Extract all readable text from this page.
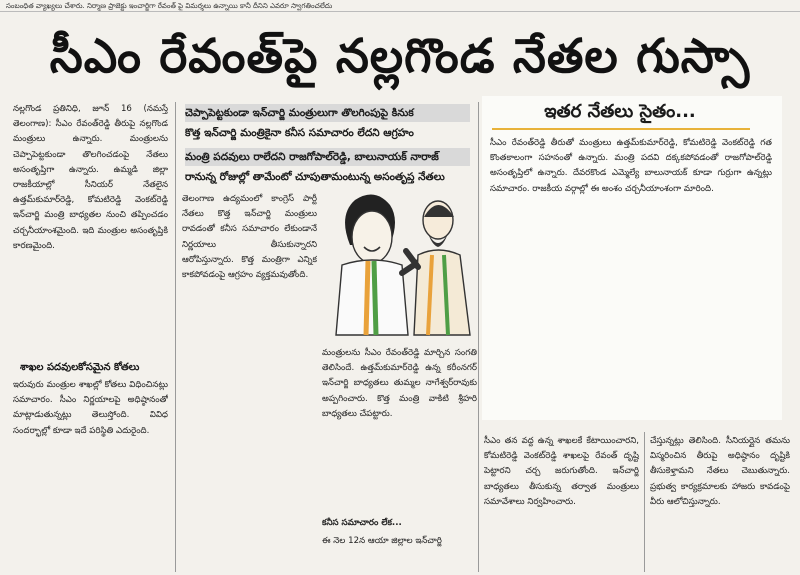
సంబంధిత వ్యాఖ్యలు చేశారు. నిర్మాణ ప్రాజెక్టు ఇంచార్జిగా రేవంత్ పై విమర్శలు ఉన్నాయి కానీ దీనిని ఎవరూ స్వాగతించలేదు
సీఎం రేవంత్‌పై నల్లగొండ నేతల గుస్సా
నల్లగొండ ప్రతినిధి, జూన్ 16 (నమస్తే తెలంగాణ): సీఎం రేవంత్‌రెడ్డి తీరుపై నల్లగొండ మంత్రులు ఉన్నారు.	మంత్రులను చెప్పాపెట్టకుండా తొలగించడంపై నేతలు అసంతృప్తిగా ఉన్నారు. ఉమ్మడి జిల్లా రాజకీయాల్లో సీనియర్ నేతలైన ఉత్తమ్‌కుమార్‌రెడ్డి, కోమటిరెడ్డి వెంకట్‌రెడ్డి ఇన్‌చార్జి మంత్రి బాధ్యతల నుంచి తప్పించడం చర్చనీయాంశమైంది. ఇది మంత్రుల అసంతృప్తికి కారణమైంది.
శాఖల పదవులకోసమైన కోతలు
ఇరువురు మంత్రుల శాఖల్లో కోతలు విధించినట్లు సమాచారం. సీఎం నిర్ణయాలపై అధిష్ఠానంతో మాట్లాడుతున్నట్లు తెలుస్తోంది. వివిధ సందర్భాల్లో కూడా ఇదే పరిస్థితి ఎదురైంది.
చెప్పాపెట్టకుండా ఇన్‌చార్జి మంత్రులుగా తొలగింపుపై కినుక
కొత్త ఇన్‌చార్జి మంత్రికైనా కనీస సమాచారం లేదని ఆగ్రహం
మంత్రి పదవులు రాలేదని రాజగోపాల్‌రెడ్డి, బాలునాయక్ నారాజ్
రానున్న రోజుల్లో తామేంటో చూపుతామంటున్న అసంతృప్త నేతలు
తెలంగాణ ఉద్యమంలో కాంగ్రెస్ పార్టీ నేతలు కొత్త ఇన్‌చార్జి మంత్రులు రావడంతో కనీస సమాచారం లేకుండానే నిర్ణయాలు తీసుకున్నారని ఆరోపిస్తున్నారు. కొత్త మంత్రిగా ఎన్నిక కాకపోవడంపై ఆగ్రహం వ్యక్తమవుతోంది.
మంత్రులను సీఎం రేవంత్‌రెడ్డి మార్చిన సంగతి తెలిసిందే. ఉత్తమ్‌కుమార్‌రెడ్డి ఉన్న కరీంనగర్ ఇన్‌చార్జి బాధ్యతలు తుమ్మల నాగేశ్వర్‌రావుకు అప్పగించారు. కొత్త మంత్రి వాకిటి శ్రీహరి బాధ్యతలు చేపట్టారు.
కనీస సమాచారం లేక...
ఈ నెల 12న ఆయా జిల్లాల ఇన్‌చార్జి
ఇతర నేతలు సైతం...
సీఎం రేవంత్‌రెడ్డి తీరుతో మంత్రులు ఉత్తమ్‌కుమార్‌రెడ్డి, కోమటిరెడ్డి వెంకట్‌రెడ్డి గత కొంతకాలంగా సహనంతో ఉన్నారు. మంత్రి పదవి దక్కకపోవడంతో రాజగోపాల్‌రెడ్డి అసంతృప్తిలో ఉన్నారు. దేవరకొండ ఎమ్మెల్యే బాలునాయక్ కూడా గుర్రుగా ఉన్నట్లు సమాచారం. రాజకీయ వర్గాల్లో ఈ అంశం చర్చనీయాంశంగా మారింది.
సీఎం తన వద్ద ఉన్న శాఖలకే కేటాయించారని, కోమటిరెడ్డి వెంకట్‌రెడ్డి శాఖలపై రేవంత్ దృష్టి పెట్టారని చర్చ జరుగుతోంది. ఇన్‌చార్జి బాధ్యతలు తీసుకున్న తర్వాత మంత్రులు సమావేశాలు నిర్వహించారు.
చేస్తున్నట్లు తెలిసింది. సీనియర్లైన తమను విస్మరించిన తీరుపై అధిష్ఠానం దృష్టికి తీసుకెళ్తామని నేతలు చెబుతున్నారు. ప్రభుత్వ కార్యక్రమాలకు హాజరు కావడంపై వీరు ఆలోచిస్తున్నారు.
